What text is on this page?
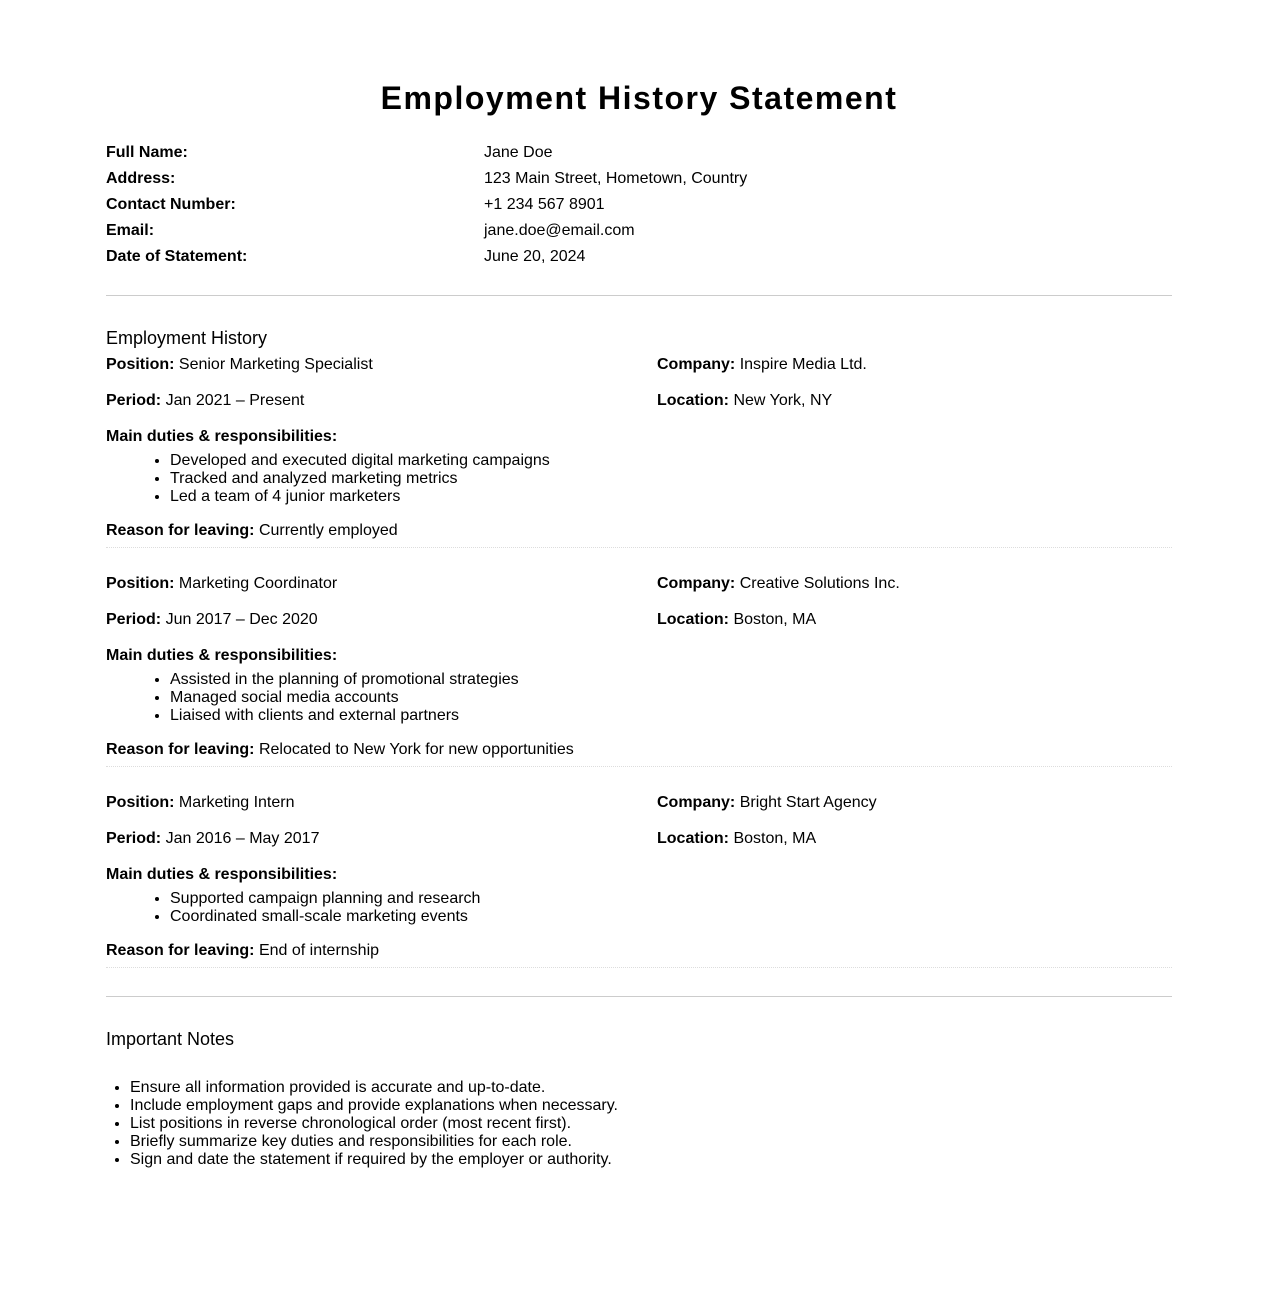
Employment History Statement
Full Name:	Jane Doe
Address:	123 Main Street, Hometown, Country
Contact Number:	+1 234 567 8901
Email:	jane.doe@email.com
Date of Statement:	June 20, 2024
Employment History
Position: Senior Marketing Specialist	Company: Inspire Media Ltd.
Period: Jan 2021 – Present	Location: New York, NY
Main duties & responsibilities:
• Developed and executed digital marketing campaigns
• Tracked and analyzed marketing metrics
• Led a team of 4 junior marketers
Reason for leaving: Currently employed
Position: Marketing Coordinator	Company: Creative Solutions Inc.
Period: Jun 2017 – Dec 2020	Location: Boston, MA
Main duties & responsibilities:
• Assisted in the planning of promotional strategies
• Managed social media accounts
• Liaised with clients and external partners
Reason for leaving: Relocated to New York for new opportunities
Position: Marketing Intern	Company: Bright Start Agency
Period: Jan 2016 – May 2017	Location: Boston, MA
Main duties & responsibilities:
• Supported campaign planning and research
• Coordinated small-scale marketing events
Reason for leaving: End of internship
Important Notes
• Ensure all information provided is accurate and up-to-date.
• Include employment gaps and provide explanations when necessary.
• List positions in reverse chronological order (most recent first).
• Briefly summarize key duties and responsibilities for each role.
• Sign and date the statement if required by the employer or authority.
